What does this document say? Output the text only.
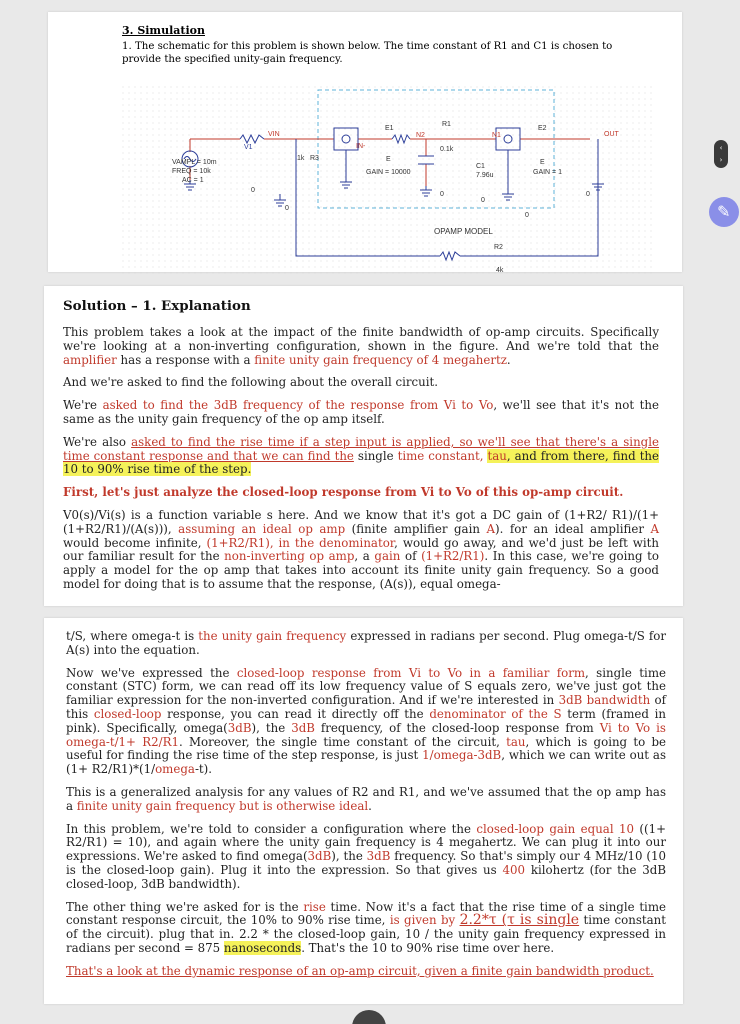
3. Simulation
1. The schematic for this problem is shown below. The time constant of R1 and C1 is chosen to provide the specified unity-gain frequency.
VIN
V1
VAMPL = 10m
FREQ = 10k
AC = 1
1k R3
IN-
E1
E
GAIN = 10000
N2
R1
0.1k
N1
C1
7.96u
E2
E
GAIN = 1
OUT
OPAMP MODEL
R2
4k
0
0
0
0
0
0
Solution – 1. Explanation

This problem takes a look at the impact of the finite bandwidth of op-amp circuits. Specifically we're looking at a non-inverting configuration, shown in the figure. And we're told that the amplifier has a response with a finite unity gain frequency of 4 megahertz.

And we're asked to find the following about the overall circuit.

We're asked to find the 3dB frequency of the response from Vi to Vo, we'll see that it's not the same as the unity gain frequency of the op amp itself.

We're also asked to find the rise time if a step input is applied, so we'll see that there's a single time constant response and that we can find the single time constant, tau, and from there, find the 10 to 90% rise time of the step.

First, let's just analyze the closed-loop response from Vi to Vo of this op-amp circuit.

V0(s)/Vi(s) is a function variable s here. And we know that it's got a DC gain of (1+R2/ R1)/(1+(1+R2/R1)/(A(s))), assuming an ideal op amp (finite amplifier gain A). for an ideal amplifier A would become infinite, (1+R2/R1), in the denominator, would go away, and we'd just be left with our familiar result for the non-inverting op amp, a gain of (1+R2/R1). In this case, we're going to apply a model for the op amp that takes into account its finite unity gain frequency. So a good model for doing that is to assume that the response, (A(s)), equal omega-

t/S, where omega-t is the unity gain frequency expressed in radians per second. Plug omega-t/S for A(s) into the equation.

Now we've expressed the closed-loop response from Vi to Vo in a familiar form, single time constant (STC) form, we can read off its low frequency value of S equals zero, we've just got the familiar expression for the non-inverted configuration. And if we're interested in 3dB bandwidth of this closed-loop response, you can read it directly off the denominator of the S term (framed in pink). Specifically, omega(3dB), the 3dB frequency, of the closed-loop response from Vi to Vo is omega-t/1+ R2/R1. Moreover, the single time constant of the circuit, tau, which is going to be useful for finding the rise time of the step response, is just 1/omega-3dB, which we can write out as (1+ R2/R1)*(1/omega-t).

This is a generalized analysis for any values of R2 and R1, and we've assumed that the op amp has a finite unity gain frequency but is otherwise ideal.

In this problem, we're told to consider a configuration where the closed-loop gain equal 10 ((1+ R2/R1) = 10), and again where the unity gain frequency is 4 megahertz. We can plug it into our expressions. We're asked to find omega(3dB), the 3dB frequency. So that's simply our 4 MHz/10 (10 is the closed-loop gain). Plug it into the expression. So that gives us 400 kilohertz (for the 3dB closed-loop, 3dB bandwidth).

The other thing we're asked for is the rise time. Now it's a fact that the rise time of a single time constant response circuit, the 10% to 90% rise time, is given by 2.2*τ (τ is single time constant of the circuit). plug that in. 2.2 * the closed-loop gain, 10 / the unity gain frequency expressed in radians per second = 875 nanoseconds. That's the 10 to 90% rise time over here.

That's a look at the dynamic response of an op-amp circuit, given a finite gain bandwidth product.

‹
›
✎
